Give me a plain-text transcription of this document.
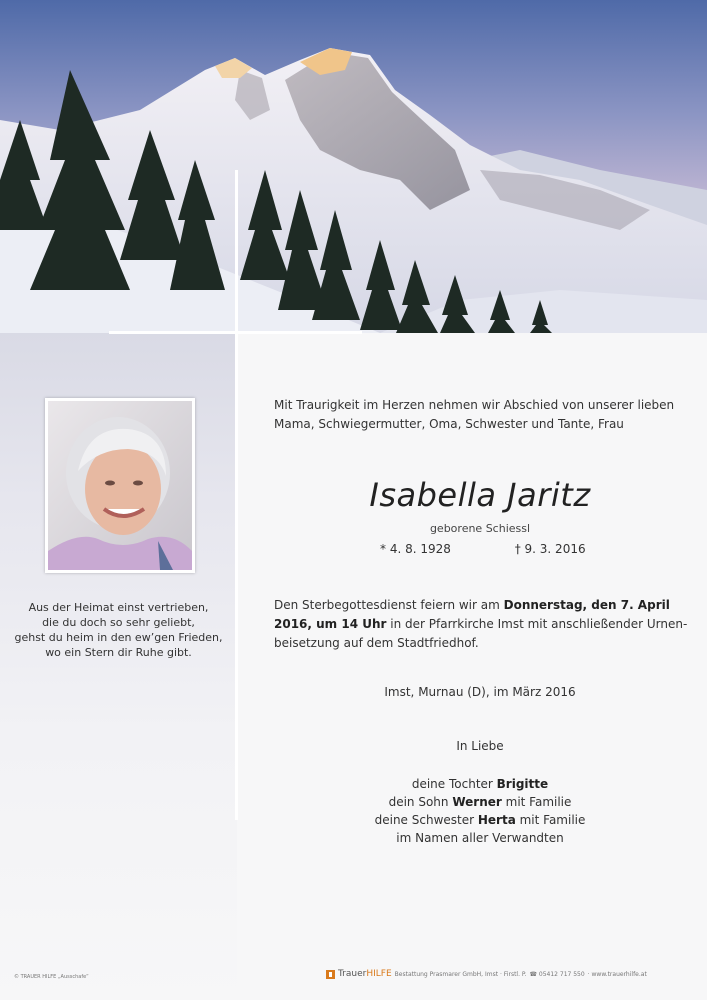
Aus der Heimat einst vertrieben,
die du doch so sehr geliebt,
gehst du heim in den ew’gen Frieden,
wo ein Stern dir Ruhe gibt.
Mit Traurigkeit im Herzen nehmen wir Abschied von unserer lieben
Mama, Schwiegermutter, Oma, Schwester und Tante, Frau
Isabella Jaritz
geborene Schiessl
* 4. 8. 1928	† 9. 3. 2016
Den Sterbegottesdienst feiern wir am Donnerstag, den 7. April
2016, um 14 Uhr in der Pfarrkirche Imst mit anschließender Urnen-
beisetzung auf dem Stadtfriedhof.
Imst, Murnau (D), im März 2016
In Liebe
deine Tochter Brigitte
dein Sohn Werner mit Familie
deine Schwester Herta mit Familie
im Namen aller Verwandten
© TRAUER HILFE „Ausschafe“	TrauerHILFE Bestattung Prasmarer GmbH, Imst · Firstl. P. ☎ 05412 717 550 · www.trauerhilfe.at
